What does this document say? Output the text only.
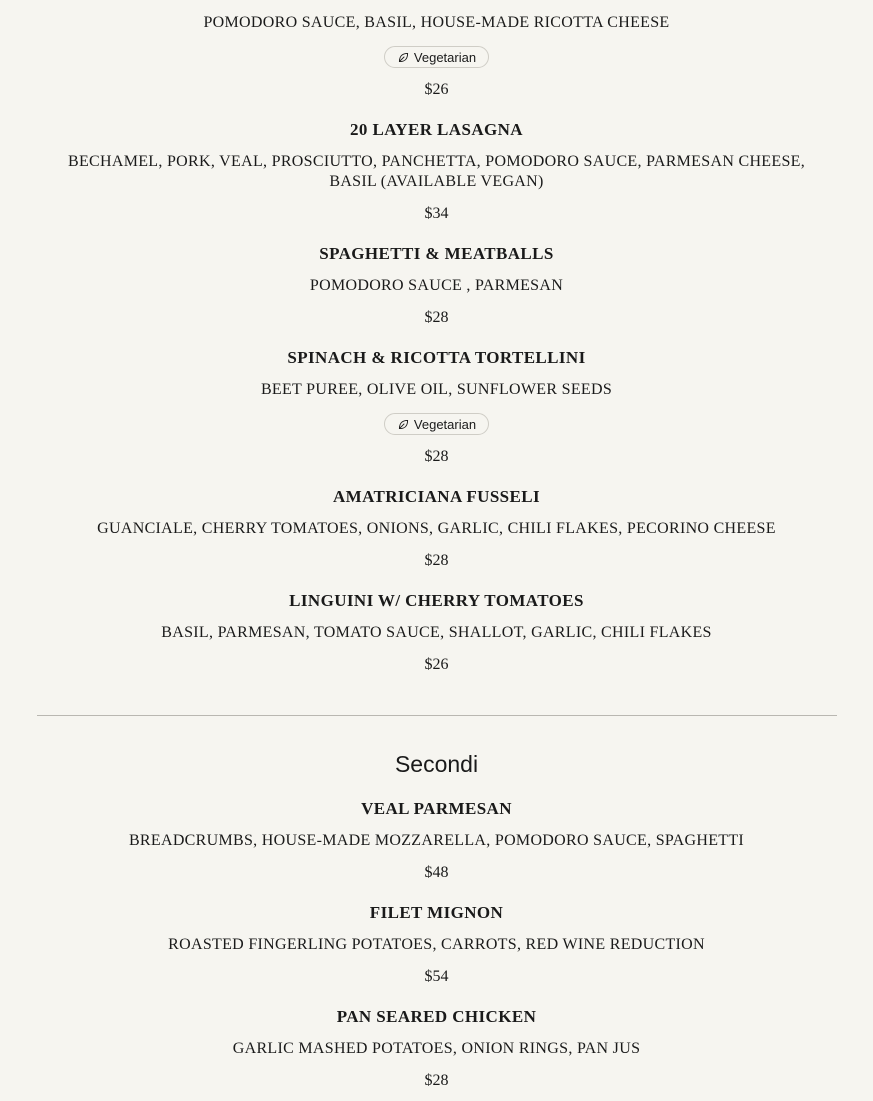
POMODORO SAUCE, BASIL, HOUSE-MADE RICOTTA CHEESE
Vegetarian
$26
20 LAYER LASAGNA
BECHAMEL, PORK, VEAL, PROSCIUTTO, PANCHETTA, POMODORO SAUCE, PARMESAN CHEESE, BASIL (AVAILABLE VEGAN)
$34
SPAGHETTI & MEATBALLS
POMODORO SAUCE , PARMESAN
$28
SPINACH & RICOTTA TORTELLINI
BEET PUREE, OLIVE OIL, SUNFLOWER SEEDS
Vegetarian
$28
AMATRICIANA FUSSELI
GUANCIALE, CHERRY TOMATOES, ONIONS, GARLIC, CHILI FLAKES, PECORINO CHEESE
$28
LINGUINI W/ CHERRY TOMATOES
BASIL, PARMESAN, TOMATO SAUCE, SHALLOT, GARLIC, CHILI FLAKES
$26
Secondi
VEAL PARMESAN
BREADCRUMBS, HOUSE-MADE MOZZARELLA, POMODORO SAUCE, SPAGHETTI
$48
FILET MIGNON
ROASTED FINGERLING POTATOES, CARROTS, RED WINE REDUCTION
$54
PAN SEARED CHICKEN
GARLIC MASHED POTATOES, ONION RINGS, PAN JUS
$28
